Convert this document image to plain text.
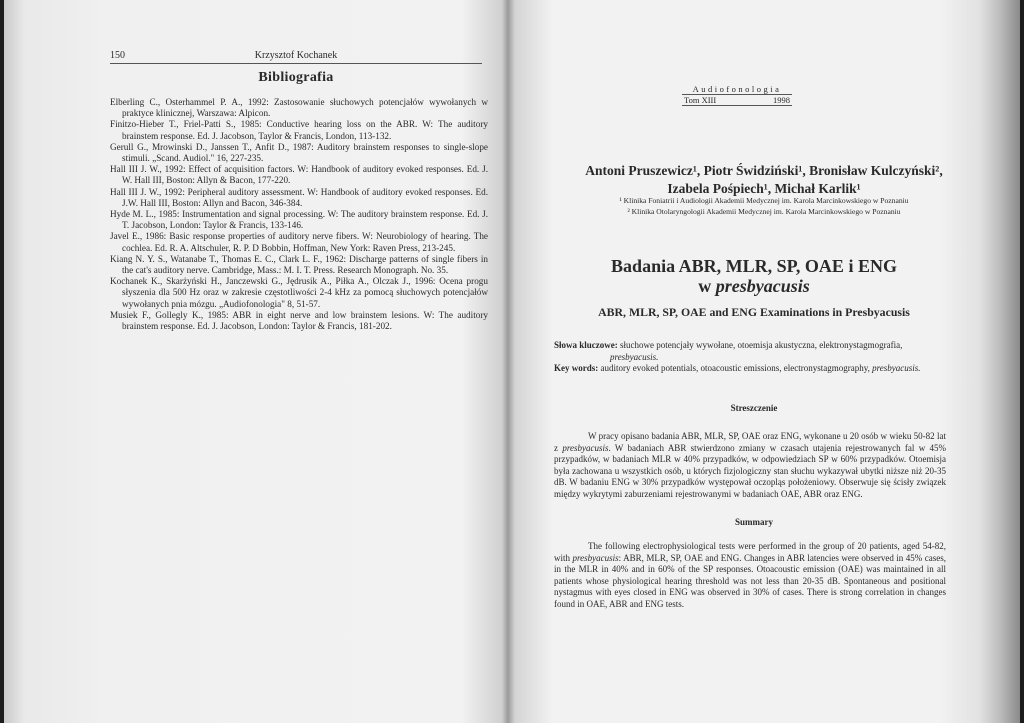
150	Krzysztof Kochanek
Bibliografia

Elberling C., Osterhammel P. A., 1992: Zastosowanie słuchowych potencjałów wywołanych w praktyce klinicznej, Warszawa: Alpicon.

Finitzo-Hieber T., Friel-Patti S., 1985: Conductive hearing loss on the ABR. W: The auditory brainstem response. Ed. J. Jacobson, Taylor & Francis, London, 113-132.

Gerull G., Mrowinski D., Janssen T., Anfit D., 1987: Auditory brainstem responses to single-slope stimuli. „Scand. Audiol." 16, 227-235.

Hall III J. W., 1992: Effect of acquisition factors. W: Handbook of auditory evoked responses. Ed. J. W. Hall III, Boston: Allyn & Bacon, 177-220.

Hall III J. W., 1992: Peripheral auditory assessment. W: Handbook of auditory evoked responses. Ed. J.W. Hall III, Boston: Allyn and Bacon, 346-384.

Hyde M. L., 1985: Instrumentation and signal processing. W: The auditory brainstem response. Ed. J. T. Jacobson, London: Taylor & Francis, 133-146.

Javel E., 1986: Basic response properties of auditory nerve fibers. W: Neurobiology of hearing. The cochlea. Ed. R. A. Altschuler, R. P. D Bobbin, Hoffman, New York: Raven Press, 213-245.

Kiang N. Y. S., Watanabe T., Thomas E. C., Clark L. F., 1962: Discharge patterns of single fibers in the cat's auditory nerve. Cambridge, Mass.: M. I. T. Press. Research Monograph. No. 35.

Kochanek K., Skarżyński H., Janczewski G., Jędrusik A., Piłka A., Olczak J., 1996: Ocena progu słyszenia dla 500 Hz oraz w zakresie częstotliwości 2-4 kHz za pomocą słuchowych potencjałów wywołanych pnia mózgu. „Audiofonologia" 8, 51-57.

Musiek F., Gollegly K., 1985: ABR in eight nerve and low brainstem lesions. W: The auditory brainstem response. Ed. J. Jacobson, London: Taylor & Francis, 181-202.

Audiofonologia
Tom XIII	1998
Antoni Pruszewicz¹, Piotr Świdziński¹, Bronisław Kulczyński²,
Izabela Pośpiech¹, Michał Karlik¹
¹ Klinika Foniatrii i Audiologii Akademii Medycznej im. Karola Marcinkowskiego w Poznaniu
² Klinika Otolaryngologii Akademii Medycznej im. Karola Marcinkowskiego w Poznaniu
Badania ABR, MLR, SP, OAE i ENG
w presbyacusis
ABR, MLR, SP, OAE and ENG Examinations in Presbyacusis
Słowa kluczowe: słuchowe potencjały wywołane, otoemisja akustyczna, elektronystagmografia,
presbyacusis.
Key words: auditory evoked potentials, otoacoustic emissions, electronystagmography, presbyacusis.
Streszczenie

W pracy opisano badania ABR, MLR, SP, OAE oraz ENG, wykonane u 20 osób w wieku 50-82 lat z presbyacusis. W badaniach ABR stwierdzono zmiany w czasach utajenia rejestrowanych fal w 45% przypadków, w badaniach MLR w 40% przypadków, w odpowiedziach SP w 60% przypadków. Otoemisja była zachowana u wszystkich osób, u których fizjologiczny stan słuchu wykazywał ubytki niższe niż 20-35 dB. W badaniu ENG w 30% przypadków występował oczopląs położeniowy. Obserwuje się ścisły związek między wykrytymi zaburzeniami rejestrowanymi w badaniach OAE, ABR oraz ENG.

Summary

The following electrophysiological tests were performed in the group of 20 patients, aged 54-82, with presbyacusis: ABR, MLR, SP, OAE and ENG. Changes in ABR latencies were observed in 45% cases, in the MLR in 40% and in 60% of the SP responses. Otoacoustic emission (OAE) was maintained in all patients whose physiological hearing threshold was not less than 20-35 dB. Spontaneous and positional nystagmus with eyes closed in ENG was observed in 30% of cases. There is strong correlation in changes found in OAE, ABR and ENG tests.
